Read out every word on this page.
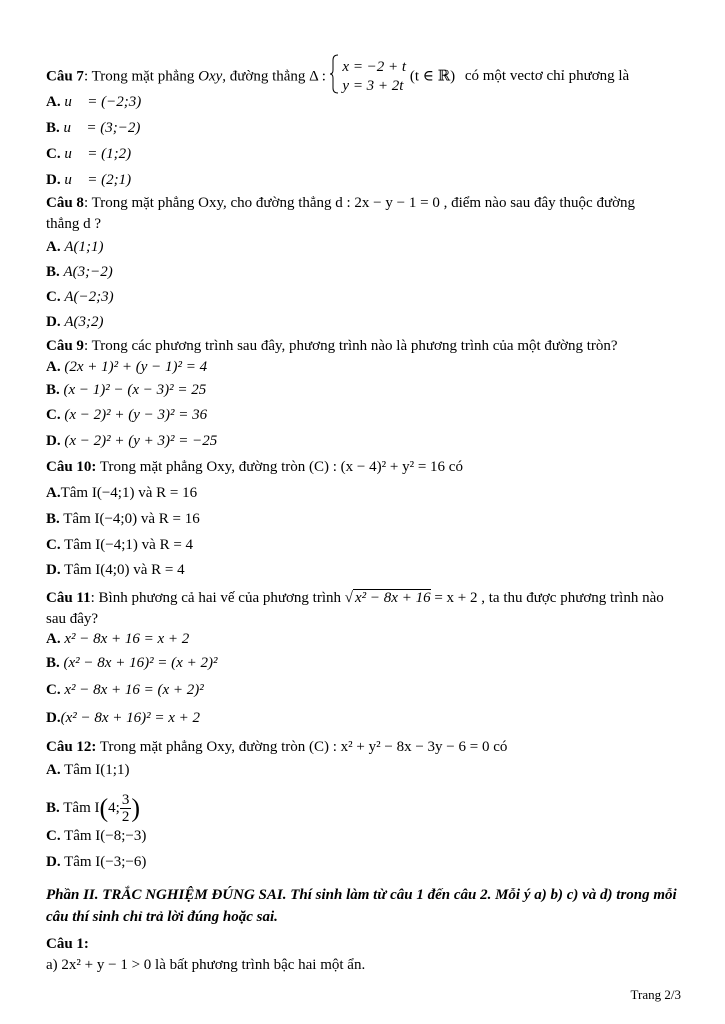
Câu 7: Trong mặt phẳng Oxy, đường thẳng Δ :
x = −2 + t
y = 3 + 2t
(t ∈ ℝ) có một vectơ chỉ phương là
A. u⃗ = (−2;3)
B. u⃗ = (3;−2)
C. u⃗ = (1;2)
D. u⃗ = (2;1)
Câu 8: Trong mặt phẳng Oxy, cho đường thẳng d : 2x − y − 1 = 0 , điểm nào sau đây thuộc đường
thẳng d ?
A. A(1;1)
B. A(3;−2)
C. A(−2;3)
D. A(3;2)
Câu 9: Trong các phương trình sau đây, phương trình nào là phương trình của một đường tròn?
A. (2x + 1)² + (y − 1)² = 4
B. (x − 1)² − (x − 3)² = 25
C. (x − 2)² + (y − 3)² = 36
D. (x − 2)² + (y + 3)² = −25
Câu 10: Trong mặt phẳng Oxy, đường tròn (C) : (x − 4)² + y² = 16 có
A.Tâm I(−4;1) và R = 16
B. Tâm I(−4;0) và R = 16
C. Tâm I(−4;1) và R = 4
D. Tâm I(4;0) và R = 4
Câu 11: Bình phương cả hai vế của phương trình √ x² − 8x + 16 = x + 2 , ta thu được phương trình nào
sau đây?
A. x² − 8x + 16 = x + 2
B. (x² − 8x + 16)² = (x + 2)²
C. x² − 8x + 16 = (x + 2)²
D.(x² − 8x + 16)² = x + 2
Câu 12: Trong mặt phẳng Oxy, đường tròn (C) : x² + y² − 8x − 3y − 6 = 0 có
A. Tâm I(1;1)
B. Tâm I(4; $\frac{3}{2}$ )
C. Tâm I(−8;−3)
D. Tâm I(−3;−6)
Phần II. TRẮC NGHIỆM ĐÚNG SAI. Thí sinh làm từ câu 1 đến câu 2. Mỗi ý a) b) c) và d) trong mỗi câu thí sinh chỉ trả lời đúng hoặc sai.
Câu 1:
a) 2x² + y − 1 > 0 là bất phương trình bậc hai một ẩn.
Trang 2/3
